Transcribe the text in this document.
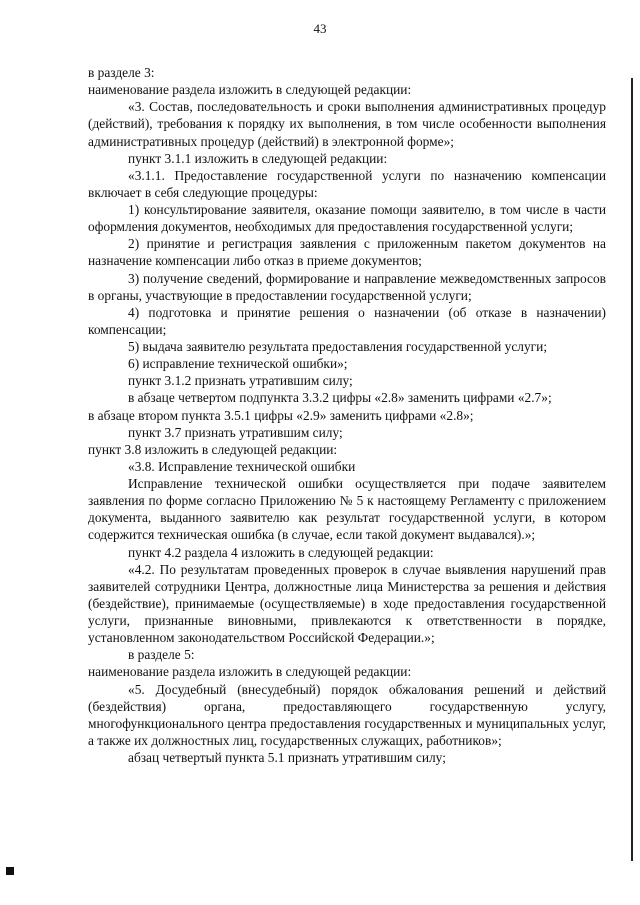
43

в разделе 3:

наименование раздела изложить в следующей редакции:

«3. Состав, последовательность и сроки выполнения административных процедур (действий), требования к порядку их выполнения, в том числе особенности выполнения административных процедур (действий) в электронной форме»;

пункт 3.1.1 изложить в следующей редакции:

«3.1.1. Предоставление государственной услуги по назначению компенсации включает в себя следующие процедуры:

1) консультирование заявителя, оказание помощи заявителю, в том числе в части оформления документов, необходимых для предоставления государственной услуги;

2) принятие и регистрация заявления с приложенным пакетом документов на назначение компенсации либо отказ в приеме документов;

3) получение сведений, формирование и направление межведомственных запросов в органы, участвующие в предоставлении государственной услуги;

4) подготовка и принятие решения о назначении (об отказе в назначении) компенсации;

5) выдача заявителю результата предоставления государственной услуги;

6) исправление технической ошибки»;

пункт 3.1.2 признать утратившим силу;

в абзаце четвертом подпункта 3.3.2 цифры «2.8» заменить цифрами «2.7»;

в абзаце втором пункта 3.5.1 цифры «2.9» заменить цифрами «2.8»;

пункт 3.7 признать утратившим силу;

пункт 3.8 изложить в следующей редакции:

«3.8. Исправление технической ошибки

Исправление технической ошибки осуществляется при подаче заявителем заявления по форме согласно Приложению № 5 к настоящему Регламенту с приложением документа, выданного заявителю как результат государственной услуги, в котором содержится техническая ошибка (в случае, если такой документ выдавался).»;

пункт 4.2 раздела 4 изложить в следующей редакции:

«4.2. По результатам проведенных проверок в случае выявления нарушений прав заявителей сотрудники Центра, должностные лица Министерства за решения и действия (бездействие), принимаемые (осуществляемые) в ходе предоставления государственной услуги, признанные виновными, привлекаются к ответственности в порядке, установленном законодательством Российской Федерации.»;

в разделе 5:

наименование раздела изложить в следующей редакции:

«5. Досудебный (внесудебный) порядок обжалования решений и действий (бездействия) органа, предоставляющего государственную услугу, многофункционального центра предоставления государственных и муниципальных услуг, а также их должностных лиц, государственных служащих, работников»;

абзац четвертый пункта 5.1 признать утратившим силу;
